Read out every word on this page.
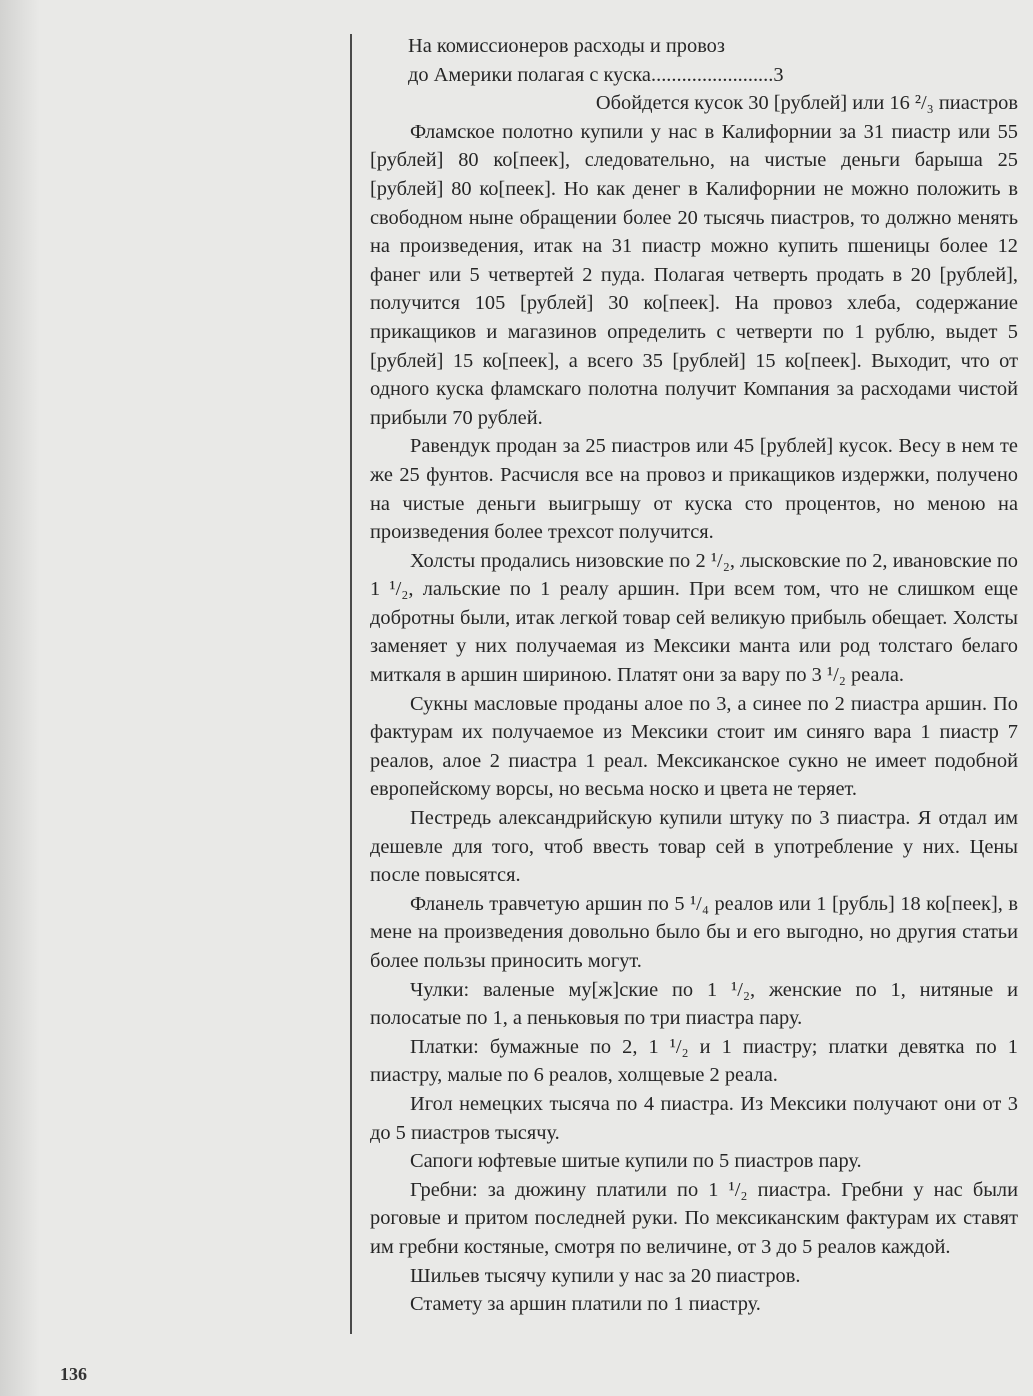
На комиссионеров расходы и провоз
до Америки полагая с куска........................3

Обойдется кусок 30 [рублей] или 16 ²/₃ пиастров

Фламское полотно купили у нас в Калифорнии за 31 пиастр или 55 [рублей] 80 ко[пеек], следовательно, на чистые деньги барыша 25 [рублей] 80 ко[пеек]. Но как денег в Калифорнии не можно положить в свободном ныне обращении более 20 тысячь пиастров, то должно менять на произведения, итак на 31 пиастр можно купить пшеницы более 12 фанег или 5 четвертей 2 пуда. Полагая четверть продать в 20 [рублей], получится 105 [рублей] 30 ко[пеек]. На провоз хлеба, содержание прикащиков и магазинов определить с четверти по 1 рублю, выдет 5 [рублей] 15 ко[пеек], а всего 35 [рублей] 15 ко[пеек]. Выходит, что от одного куска фламскаго полотна получит Компания за расходами чистой прибыли 70 рублей.

Равендук продан за 25 пиастров или 45 [рублей] кусок. Весу в нем те же 25 фунтов. Расчисля все на провоз и прикащиков издержки, получено на чистые деньги выигрышу от куска сто процентов, но меною на произведения более трехсот получится.

Холсты продались низовские по 2 ¹/₂, лысковские по 2, ивановские по 1 ¹/₂, лальские по 1 реалу аршин. При всем том, что не слишком еще добротны были, итак легкой товар сей великую прибыль обещает. Холсты заменяет у них получаемая из Мексики манта или род толстаго белаго миткаля в аршин шириною. Платят они за вару по 3 ¹/₂ реала.

Сукны масловые проданы алое по 3, а синее по 2 пиастра аршин. По фактурам их получаемое из Мексики стоит им синяго вара 1 пиастр 7 реалов, алое 2 пиастра 1 реал. Мексиканское сукно не имеет подобной европейскому ворсы, но весьма носко и цвета не теряет.

Пестредь александрийскую купили штуку по 3 пиастра. Я отдал им дешевле для того, чтоб ввесть товар сей в употребление у них. Цены после повысятся.

Фланель травчетую аршин по 5 ¹/₄ реалов или 1 [рубль] 18 ко[пеек], в мене на произведения довольно было бы и его выгодно, но другия статьи более пользы приносить могут.

Чулки: валеные му[ж]ские по 1 ¹/₂, женские по 1, нитяные и полосатые по 1, а пеньковыя по три пиастра пару.

Платки: бумажные по 2, 1 ¹/₂ и 1 пиастру; платки девятка по 1 пиастру, малые по 6 реалов, холщевые 2 реала.

Игол немецких тысяча по 4 пиастра. Из Мексики получают они от 3 до 5 пиастров тысячу.

Сапоги юфтевые шитые купили по 5 пиастров пару.

Гребни: за дюжину платили по 1 ¹/₂ пиастра. Гребни у нас были роговые и притом последней руки. По мексиканским фактурам их ставят им гребни костяные, смотря по величине, от 3 до 5 реалов каждой.

Шильев тысячу купили у нас за 20 пиастров.

Стамету за аршин платили по 1 пиастру.

136
